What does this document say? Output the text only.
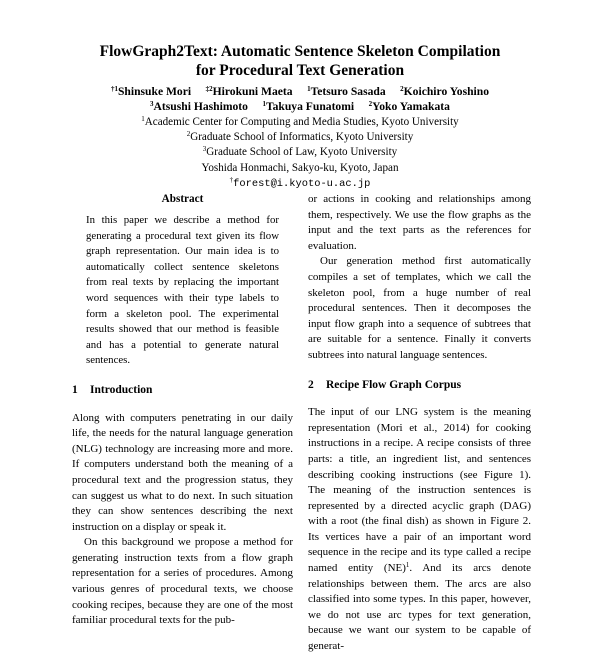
FlowGraph2Text: Automatic Sentence Skeleton Compilation
for Procedural Text Generation
$^{\dagger 1}$Shinsuke Mori $^{\ddagger 2}$Hirokuni Maeta $^1$Tetsuro Sasada $^2$Koichiro Yoshino
$^3$Atsushi Hashimoto $^1$Takuya Funatomi $^2$Yoko Yamakata
$^1$Academic Center for Computing and Media Studies, Kyoto University
$^2$Graduate School of Informatics, Kyoto University
$^3$Graduate School of Law, Kyoto University
Yoshida Honmachi, Sakyo-ku, Kyoto, Japan
†forest@i.kyoto-u.ac.jp
Abstract
In this paper we describe a method for generating a procedural text given its flow graph representation. Our main idea is to automatically collect sentence skeletons from real texts by replacing the important word sequences with their type labels to form a skeleton pool. The experimental results showed that our method is feasible and has a potential to generate natural sentences.
1 Introduction

Along with computers penetrating in our daily life, the needs for the natural language generation (NLG) technology are increasing more and more. If computers understand both the meaning of a procedural text and the progression status, they can suggest us what to do next. In such situation they can show sentences describing the next instruction on a display or speak it.

On this background we propose a method for generating instruction texts from a flow graph representation for a series of procedures. Among various genres of procedural texts, we choose cooking recipes, because they are one of the most familiar procedural texts for the pub-

or actions in cooking and relationships among them, respectively. We use the flow graphs as the input and the text parts as the references for evaluation.

Our generation method first automatically compiles a set of templates, which we call the skeleton pool, from a huge number of real procedural sentences. Then it decomposes the input flow graph into a sequence of subtrees that are suitable for a sentence. Finally it converts subtrees into natural language sentences.

2 Recipe Flow Graph Corpus

The input of our LNG system is the meaning representation (Mori et al., 2014) for cooking instructions in a recipe. A recipe consists of three parts: a title, an ingredient list, and sentences describing cooking instructions (see Figure 1). The meaning of the instruction sentences is represented by a directed acyclic graph (DAG) with a root (the final dish) as shown in Figure 2. Its vertices have a pair of an important word sequence in the recipe and its type called a recipe named entity (NE)$^1$. And its arcs denote relationships between them. The arcs are also classified into some types. In this paper, however, we do not use arc types for text generation, because we want our system to be capable of generat-
